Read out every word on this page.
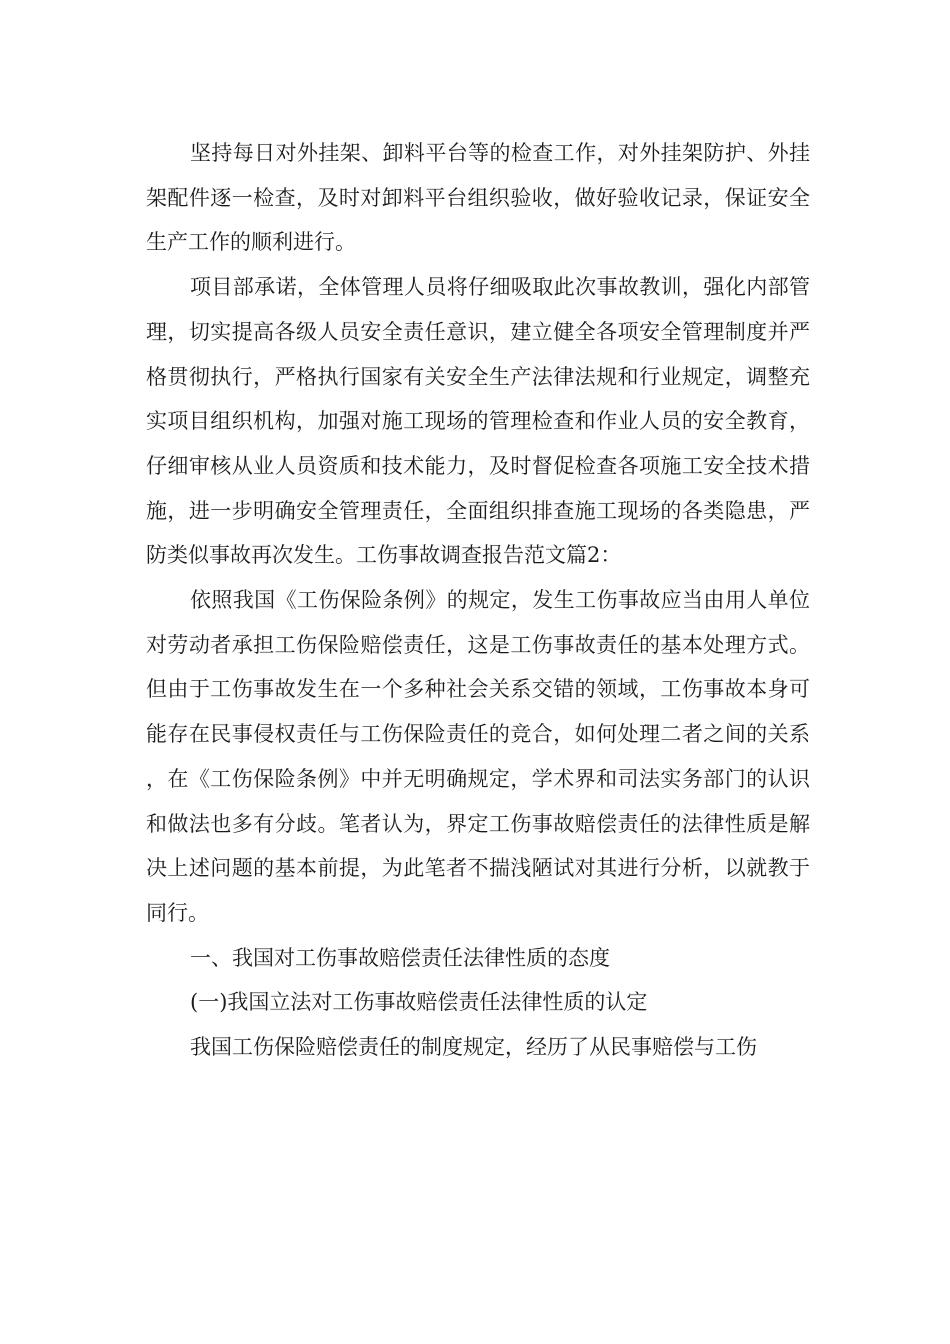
坚持每日对外挂架、卸料平台等的检查工作，对外挂架防护、外挂架配件逐一检查，及时对卸料平台组织验收，做好验收记录，保证安全生产工作的顺利进行。

项目部承诺，全体管理人员将仔细吸取此次事故教训，强化内部管理，切实提高各级人员安全责任意识，建立健全各项安全管理制度并严格贯彻执行，严格执行国家有关安全生产法律法规和行业规定，调整充实项目组织机构，加强对施工现场的管理检查和作业人员的安全教育，仔细审核从业人员资质和技术能力，及时督促检查各项施工安全技术措施，进一步明确安全管理责任，全面组织排查施工现场的各类隐患，严防类似事故再次发生。工伤事故调查报告范文篇2：

依照我国《工伤保险条例》的规定，发生工伤事故应当由用人单位对劳动者承担工伤保险赔偿责任，这是工伤事故责任的基本处理方式。但由于工伤事故发生在一个多种社会关系交错的领域，工伤事故本身可能存在民事侵权责任与工伤保险责任的竞合，如何处理二者之间的关系，在《工伤保险条例》中并无明确规定，学术界和司法实务部门的认识和做法也多有分歧。笔者认为，界定工伤事故赔偿责任的法律性质是解决上述问题的基本前提，为此笔者不揣浅陋试对其进行分析，以就教于同行。

一、我国对工伤事故赔偿责任法律性质的态度

(一)我国立法对工伤事故赔偿责任法律性质的认定

我国工伤保险赔偿责任的制度规定，经历了从民事赔偿与工伤
